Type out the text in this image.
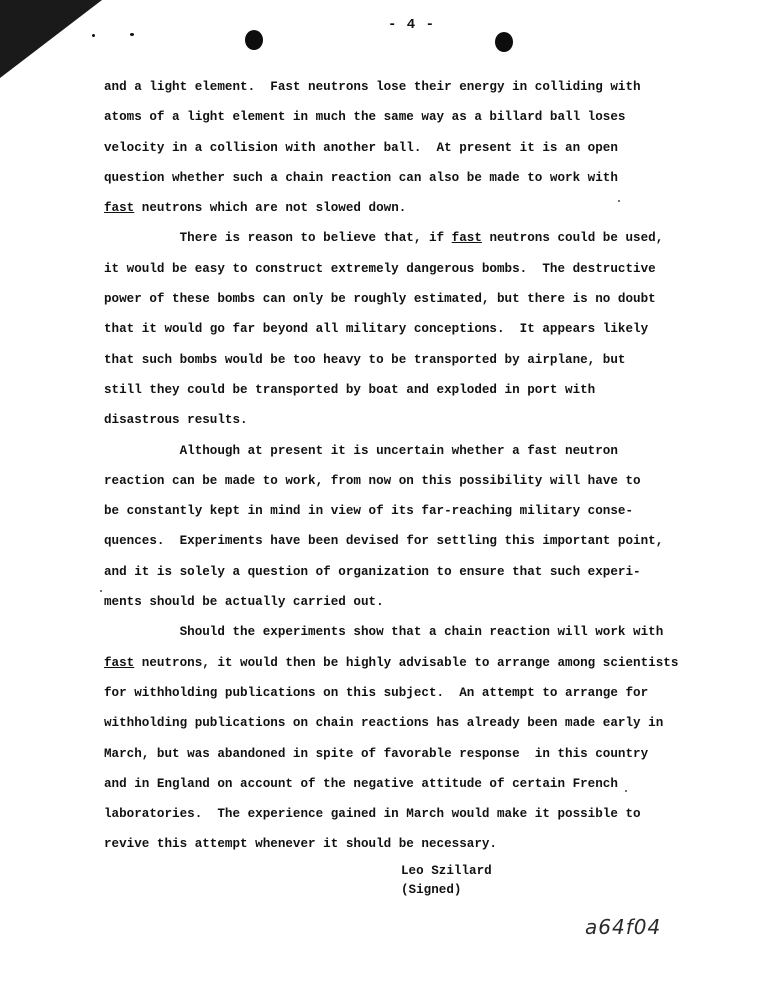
- 4 -
and a light element.  Fast neutrons lose their energy in colliding with
atoms of a light element in much the same way as a billard ball loses
velocity in a collision with another ball.  At present it is an open
question whether such a chain reaction can also be made to work with
fast neutrons which are not slowed down.
There is reason to believe that, if fast neutrons could be used,
it would be easy to construct extremely dangerous bombs.  The destructive
power of these bombs can only be roughly estimated, but there is no doubt
that it would go far beyond all military conceptions.  It appears likely
that such bombs would be too heavy to be transported by airplane, but
still they could be transported by boat and exploded in port with
disastrous results.
Although at present it is uncertain whether a fast neutron
reaction can be made to work, from now on this possibility will have to
be constantly kept in mind in view of its far-reaching military conse-
quences.  Experiments have been devised for settling this important point,
and it is solely a question of organization to ensure that such experi-
ments should be actually carried out.
Should the experiments show that a chain reaction will work with
fast neutrons, it would then be highly advisable to arrange among scientists
for withholding publications on this subject.  An attempt to arrange for
withholding publications on chain reactions has already been made early in
March, but was abandoned in spite of favorable response  in this country
and in England on account of the negative attitude of certain French
laboratories.  The experience gained in March would make it possible to
revive this attempt whenever it should be necessary.
Leo Szillard
(Signed)
a64f04
